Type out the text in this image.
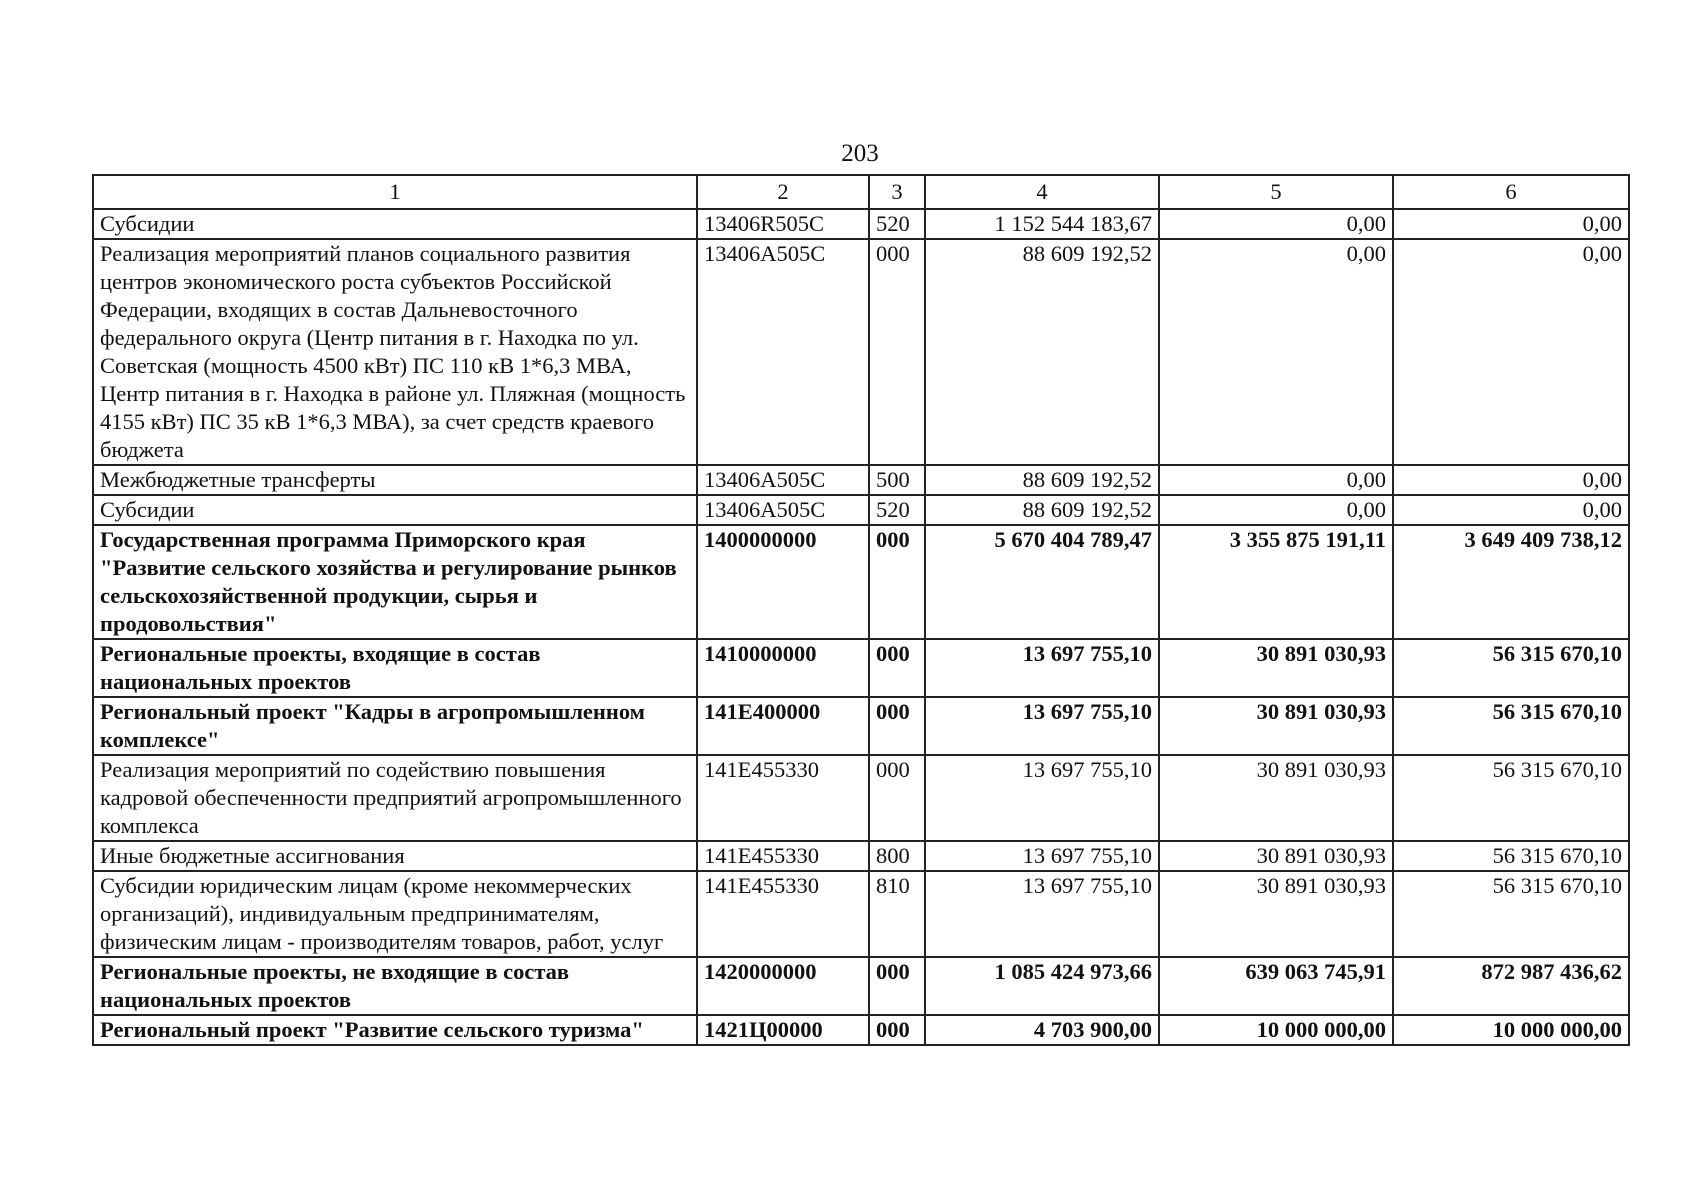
203
1	2	3	4	5	6
Субсидии	13406R505C	520	1 152 544 183,67	0,00	0,00
Реализация мероприятий планов социального развития центров экономического роста субъектов Российской Федерации, входящих в состав Дальневосточного федерального округа (Центр питания в г. Находка по ул. Советская (мощность 4500 кВт) ПС 110 кВ 1*6,3 МВА, Центр питания в г. Находка в районе ул. Пляжная (мощность 4155 кВт) ПС 35 кВ 1*6,3 МВА), за счет средств краевого бюджета	13406A505C	000	88 609 192,52	0,00	0,00
Межбюджетные трансферты	13406A505C	500	88 609 192,52	0,00	0,00
Субсидии	13406A505C	520	88 609 192,52	0,00	0,00
Государственная программа Приморского края "Развитие сельского хозяйства и регулирование рынков сельскохозяйственной продукции, сырья и продовольствия"	1400000000	000	5 670 404 789,47	3 355 875 191,11	3 649 409 738,12
Региональные проекты, входящие в состав национальных проектов	1410000000	000	13 697 755,10	30 891 030,93	56 315 670,10
Региональный проект "Кадры в агропромышленном комплексе"	141E400000	000	13 697 755,10	30 891 030,93	56 315 670,10
Реализация мероприятий по содействию повышения кадровой обеспеченности предприятий агропромышленного комплекса	141E455330	000	13 697 755,10	30 891 030,93	56 315 670,10
Иные бюджетные ассигнования	141E455330	800	13 697 755,10	30 891 030,93	56 315 670,10
Субсидии юридическим лицам (кроме некоммерческих организаций), индивидуальным предпринимателям, физическим лицам - производителям товаров, работ, услуг	141E455330	810	13 697 755,10	30 891 030,93	56 315 670,10
Региональные проекты, не входящие в состав национальных проектов	1420000000	000	1 085 424 973,66	639 063 745,91	872 987 436,62
Региональный проект "Развитие сельского туризма"	1421Ц00000	000	4 703 900,00	10 000 000,00	10 000 000,00
